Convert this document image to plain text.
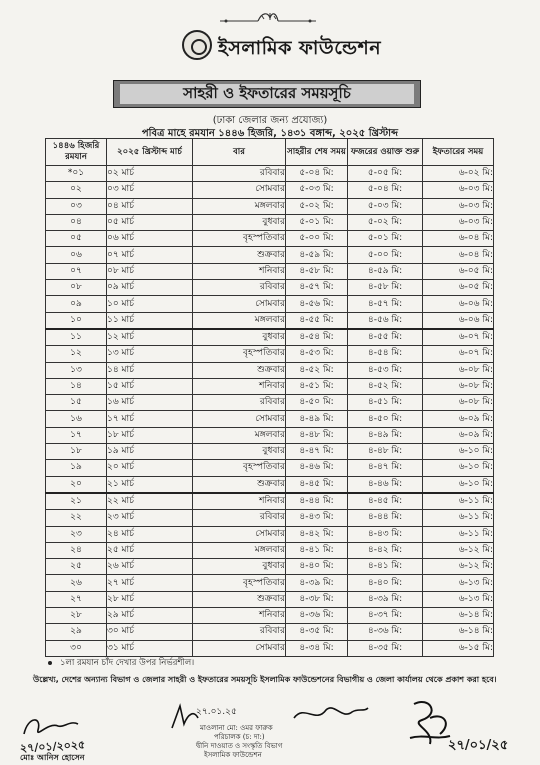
ইসলামিক ফাউন্ডেশন
সাহরী ও ইফতারের সময়সূচি
(ঢাকা জেলার জন্য প্রযোজ্য)
পবিত্র মাহে রমযান ১৪৪৬ হিজরি, ১৪৩১ বঙ্গাব্দ, ২০২৫ খ্রিস্টাব্দ
১৪৪৬ হিজরি রমযান	২০২৫ খ্রিস্টাব্দ মার্চ	বার	সাহরীর শেষ সময়	ফজরের ওয়াক্ত শুরু	ইফতারের সময়
*০১	০২ মার্চ	রবিবার	৫-০৪ মি:	৫-০৫ মি:	৬-০২ মি:
০২	০৩ মার্চ	সোমবার	৫-০৩ মি:	৫-০৪ মি:	৬-০৩ মি:
০৩	০৪ মার্চ	মঙ্গলবার	৫-০২ মি:	৫-০৩ মি:	৬-০৩ মি:
০৪	০৫ মার্চ	বুধবার	৫-০১ মি:	৫-০২ মি:	৬-০৩ মি:
০৫	০৬ মার্চ	বৃহস্পতিবার	৫-০০ মি:	৫-০১ মি:	৬-০৪ মি:
০৬	০৭ মার্চ	শুক্রবার	৪-৫৯ মি:	৫-০০ মি:	৬-০৪ মি:
০৭	০৮ মার্চ	শনিবার	৪-৫৮ মি:	৪-৫৯ মি:	৬-০৫ মি:
০৮	০৯ মার্চ	রবিবার	৪-৫৭ মি:	৪-৫৮ মি:	৬-০৫ মি:
০৯	১০ মার্চ	সোমবার	৪-৫৬ মি:	৪-৫৭ মি:	৬-০৬ মি:
১০	১১ মার্চ	মঙ্গলবার	৪-৫৫ মি:	৪-৫৬ মি:	৬-০৬ মি:
১১	১২ মার্চ	বুধবার	৪-৫৪ মি:	৪-৫৫ মি:	৬-০৭ মি:
১২	১৩ মার্চ	বৃহস্পতিবার	৪-৫৩ মি:	৪-৫৪ মি:	৬-০৭ মি:
১৩	১৪ মার্চ	শুক্রবার	৪-৫২ মি:	৪-৫৩ মি:	৬-০৮ মি:
১৪	১৫ মার্চ	শনিবার	৪-৫১ মি:	৪-৫২ মি:	৬-০৮ মি:
১৫	১৬ মার্চ	রবিবার	৪-৫০ মি:	৪-৫১ মি:	৬-০৮ মি:
১৬	১৭ মার্চ	সোমবার	৪-৪৯ মি:	৪-৫০ মি:	৬-০৯ মি:
১৭	১৮ মার্চ	মঙ্গলবার	৪-৪৮ মি:	৪-৪৯ মি:	৬-০৯ মি:
১৮	১৯ মার্চ	বুধবার	৪-৪৭ মি:	৪-৪৮ মি:	৬-১০ মি:
১৯	২০ মার্চ	বৃহস্পতিবার	৪-৪৬ মি:	৪-৪৭ মি:	৬-১০ মি:
২০	২১ মার্চ	শুক্রবার	৪-৪৫ মি:	৪-৪৬ মি:	৬-১০ মি:
২১	২২ মার্চ	শনিবার	৪-৪৪ মি:	৪-৪৫ মি:	৬-১১ মি:
২২	২৩ মার্চ	রবিবার	৪-৪৩ মি:	৪-৪৪ মি:	৬-১১ মি:
২৩	২৪ মার্চ	সোমবার	৪-৪২ মি:	৪-৪৩ মি:	৬-১১ মি:
২৪	২৫ মার্চ	মঙ্গলবার	৪-৪১ মি:	৪-৪২ মি:	৬-১২ মি:
২৫	২৬ মার্চ	বুধবার	৪-৪০ মি:	৪-৪১ মি:	৬-১২ মি:
২৬	২৭ মার্চ	বৃহস্পতিবার	৪-৩৯ মি:	৪-৪০ মি:	৬-১৩ মি:
২৭	২৮ মার্চ	শুক্রবার	৪-৩৮ মি:	৪-৩৯ মি:	৬-১৩ মি:
২৮	২৯ মার্চ	শনিবার	৪-৩৬ মি:	৪-৩৭ মি:	৬-১৪ মি:
২৯	৩০ মার্চ	রবিবার	৪-৩৫ মি:	৪-৩৬ মি:	৬-১৪ মি:
৩০	৩১ মার্চ	সোমবার	৪-৩৪ মি:	৪-৩৫ মি:	৬-১৫ মি:
১লা রমযান চাঁদ দেখার উপর নির্ভরশীল।
উল্লেখ্য, দেশের অন্যান্য বিভাগ ও জেলার সাহরী ও ইফতারের সময়সূচি ইসলামিক ফাউন্ডেশনের বিভাগীয় ও জেলা কার্যালয় থেকে প্রকাশ করা হবে।
২৭/০১/২০২৫
মোঃ আনিস হোসেন
২৭.০১.২৫
মাওলানা মো: ওমর ফারুক
পরিচালক (চ: দা:)
দ্বীনি দাওয়াত ও সংস্কৃতি বিভাগ
ইসলামিক ফাউন্ডেশন
২৭/০১/২৫
